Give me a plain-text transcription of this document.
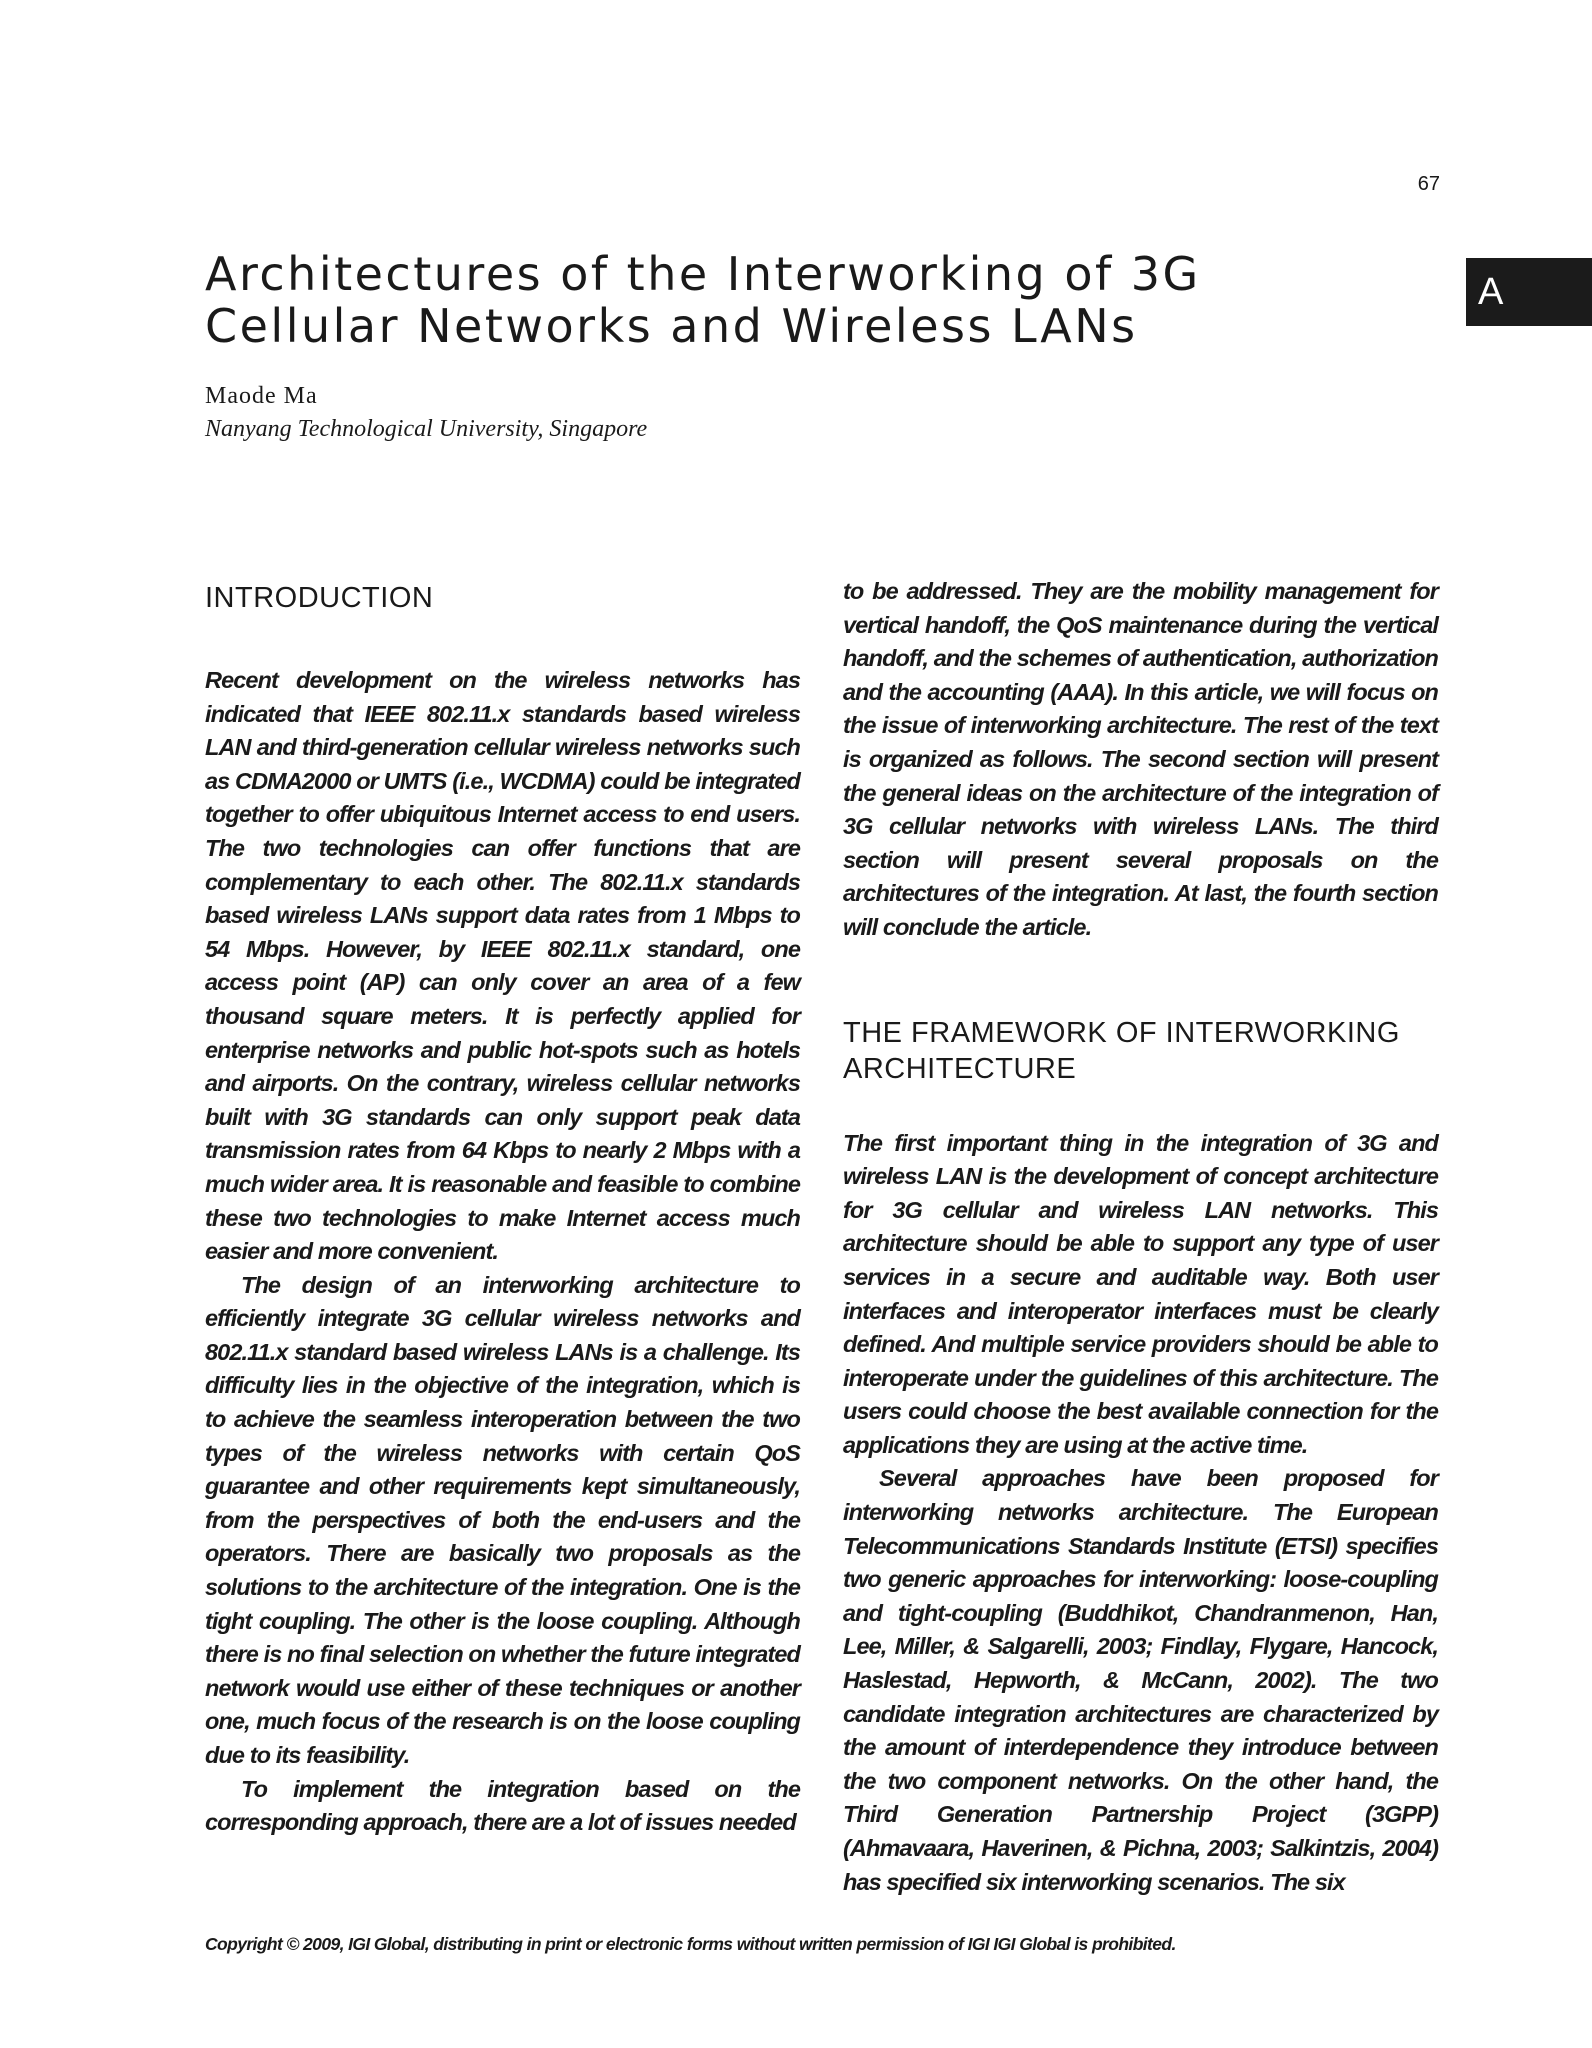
67
A
Architectures of the Interworking of 3G
Cellular Networks and Wireless LANs
Maode Ma
Nanyang Technological University, Singapore
INTRODUCTION

Recent development on the wireless networks has indicated that IEEE 802.11.x standards based wireless LAN and third-generation cellular wireless networks such as CDMA2000 or UMTS (i.e., WCDMA) could be integrated together to offer ubiquitous Internet access to end users. The two technologies can offer functions that are complementary to each other. The 802.11.x standards based wireless LANs support data rates from 1 Mbps to 54 Mbps. However, by IEEE 802.11.x standard, one access point (AP) can only cover an area of a few thousand square meters. It is perfectly applied for enterprise networks and public hot-spots such as hotels and airports. On the contrary, wireless cellular networks built with 3G standards can only support peak data transmission rates from 64 Kbps to nearly 2 Mbps with a much wider area. It is reasonable and feasible to combine these two technologies to make Internet access much easier and more convenient.

The design of an interworking architecture to efficiently integrate 3G cellular wireless networks and 802.11.x standard based wireless LANs is a challenge. Its difficulty lies in the objective of the integration, which is to achieve the seamless interoperation between the two types of the wireless networks with certain QoS guarantee and other requirements kept simultaneously, from the perspectives of both the end-users and the operators. There are basically two proposals as the solutions to the architecture of the integration. One is the tight coupling. The other is the loose coupling. Although there is no final selection on whether the future integrated network would use either of these techniques or another one, much focus of the research is on the loose coupling due to its feasibility.

To implement the integration based on the corresponding approach, there are a lot of issues needed

to be addressed. They are the mobility management for vertical handoff, the QoS maintenance during the vertical handoff, and the schemes of authentication, authorization and the accounting (AAA). In this article, we will focus on the issue of interworking architecture. The rest of the text is organized as follows. The second section will present the general ideas on the architecture of the integration of 3G cellular networks with wireless LANs. The third section will present several proposals on the architectures of the integration. At last, the fourth section will conclude the article.

THE FRAMEWORK OF INTERWORKING ARCHITECTURE

The first important thing in the integration of 3G and wireless LAN is the development of concept architecture for 3G cellular and wireless LAN networks. This architecture should be able to support any type of user services in a secure and auditable way. Both user interfaces and interoperator interfaces must be clearly defined. And multiple service providers should be able to interoperate under the guidelines of this architecture. The users could choose the best available connection for the applications they are using at the active time.

Several approaches have been proposed for interworking networks architecture. The European Telecommunications Standards Institute (ETSI) specifies two generic approaches for interworking: loose-coupling and tight-coupling (Buddhikot, Chandranmenon, Han, Lee, Miller, & Salgarelli, 2003; Findlay, Flygare, Hancock, Haslestad, Hepworth, & McCann, 2002). The two candidate integration architectures are characterized by the amount of interdependence they introduce between the two component networks. On the other hand, the Third Generation Partnership Project (3GPP) (Ahmavaara, Haverinen, & Pichna, 2003; Salkintzis, 2004) has specified six interworking scenarios. The six

Copyright © 2009, IGI Global, distributing in print or electronic forms without written permission of IGI IGI Global is prohibited.
